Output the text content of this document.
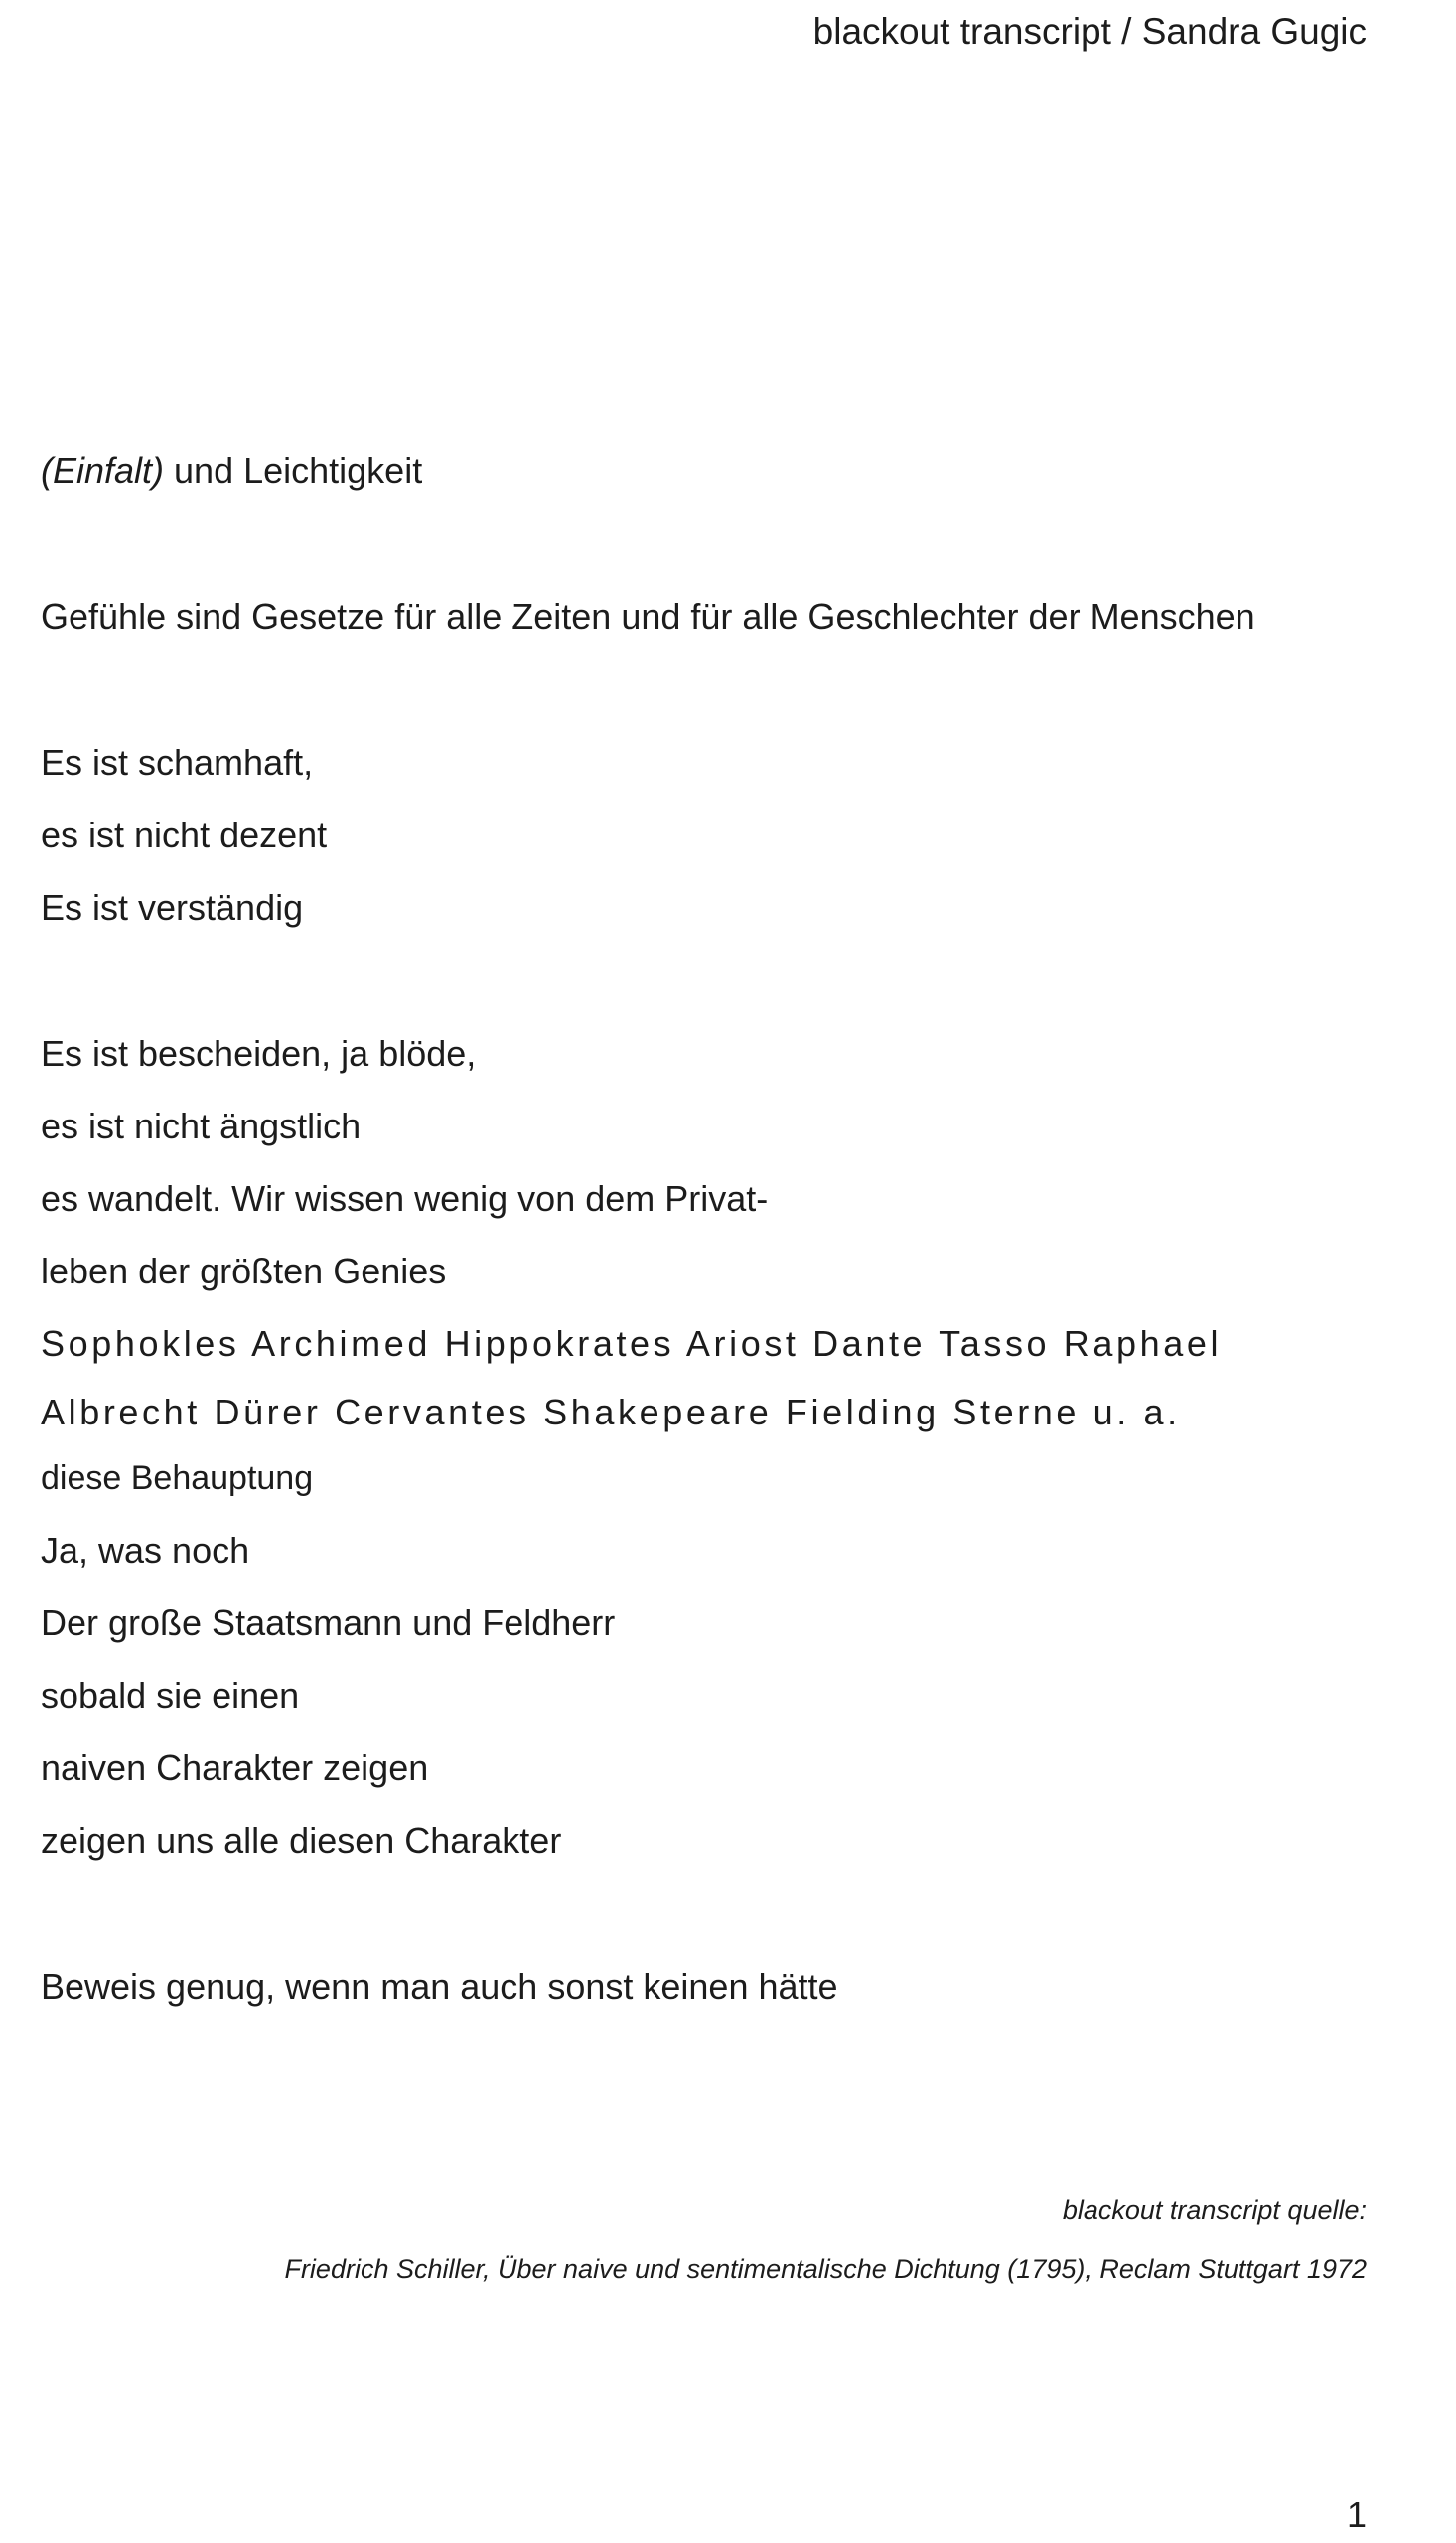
blackout transcript / Sandra Gugic
(Einfalt) und Leichtigkeit
Gefühle sind Gesetze für alle Zeiten und für alle Geschlechter der Menschen
Es ist schamhaft,
es ist nicht dezent
Es ist verständig
Es ist bescheiden, ja blöde,
es ist nicht ängstlich
es wandelt. Wir wissen wenig von dem Privat-
leben der größten Genies
Sophokles Archimed Hippokrates Ariost Dante Tasso Raphael
Albrecht Dürer Cervantes Shakepeare Fielding Sterne u. a.
diese Behauptung
Ja, was noch
Der große Staatsmann und Feldherr
sobald sie einen
naiven Charakter zeigen
zeigen uns alle diesen Charakter
Beweis genug, wenn man auch sonst keinen hätte
blackout transcript quelle:
Friedrich Schiller, Über naive und sentimentalische Dichtung (1795), Reclam Stuttgart 1972
1
